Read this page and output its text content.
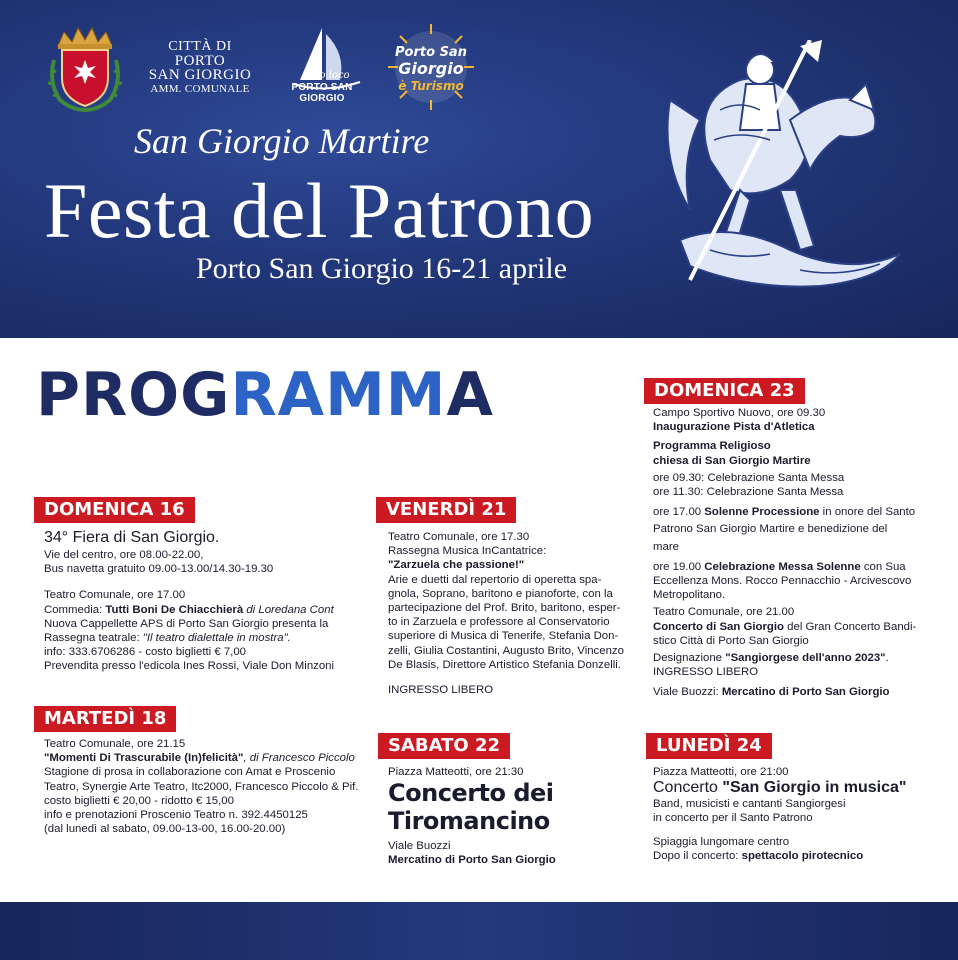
CITTÀ DI
PORTO
SAN GIORGIO
AMM. COMUNALE
Pro loco
PORTO SAN GIORGIO
Porto San
Giorgio
è Turismo
San Giorgio Martire
Festa del Patrono
Porto San Giorgio 16-21 aprile
PROGRAMMA
DOMENICA 16

34° Fiera di San Giorgio.

Vie del centro, ore 08.00-22.00,

Bus navetta gratuito 09.00-13.00/14.30-19.30

Teatro Comunale, ore 17.00

Commedia: Tutti Boni De Chiacchierà di Loredana Cont

Nuova Cappellette APS di Porto San Giorgio presenta la

Rassegna teatrale: "Il teatro dialettale in mostra".

info: 333.6706286 - costo biglietti € 7,00

Prevendita presso l'edicola Ines Rossi, Viale Don Minzoni

MARTEDÌ 18

Teatro Comunale, ore 21.15

"Momenti Di Trascurabile (In)felicità", di Francesco Piccolo

Stagione di prosa in collaborazione con Amat e Proscenio

Teatro, Synergie Arte Teatro, Itc2000, Francesco Piccolo & Pif.

costo biglietti € 20,00 - ridotto € 15,00

info e prenotazioni Proscenio Teatro n. 392.4450125

(dal lunedì al sabato, 09.00-13-00, 16.00-20.00)

VENERDÌ 21

Teatro Comunale, ore 17.30

Rassegna Musica InCantatrice:

"Zarzuela che passione!"

Arie e duetti dal repertorio di operetta spa-

gnola, Soprano, baritono e pianoforte, con la

partecipazione del Prof. Brito, baritono, esper-

to in Zarzuela e professore al Conservatorio

superiore di Musica di Tenerife, Stefania Don-

zelli, Giulia Costantini, Augusto Brito, Vincenzo

De Blasis, Direttore Artistico Stefania Donzelli.

INGRESSO LIBERO

SABATO 22

Piazza Matteotti, ore 21:30

Concerto dei

Tiromancino

Viale Buozzi

Mercatino di Porto San Giorgio

DOMENICA 23

Campo Sportivo Nuovo, ore 09.30

Inaugurazione Pista d'Atletica

Programma Religioso

chiesa di San Giorgio Martire

ore 09.30: Celebrazione Santa Messa

ore 11.30: Celebrazione Santa Messa

ore 17.00 Solenne Processione in onore del Santo

Patrono San Giorgio Martire e benedizione del

mare

ore 19.00 Celebrazione Messa Solenne con Sua

Eccellenza Mons. Rocco Pennacchio - Arcivescovo

Metropolitano.

Teatro Comunale, ore 21.00

Concerto di San Giorgio del Gran Concerto Bandi-

stico Città di Porto San Giorgio

Designazione "Sangiorgese dell'anno 2023".

INGRESSO LIBERO

Viale Buozzi: Mercatino di Porto San Giorgio

LUNEDÌ 24

Piazza Matteotti, ore 21:00

Concerto "San Giorgio in musica"

Band, musicisti e cantanti Sangiorgesi

in concerto per il Santo Patrono

Spiaggia lungomare centro

Dopo il concerto: spettacolo pirotecnico
